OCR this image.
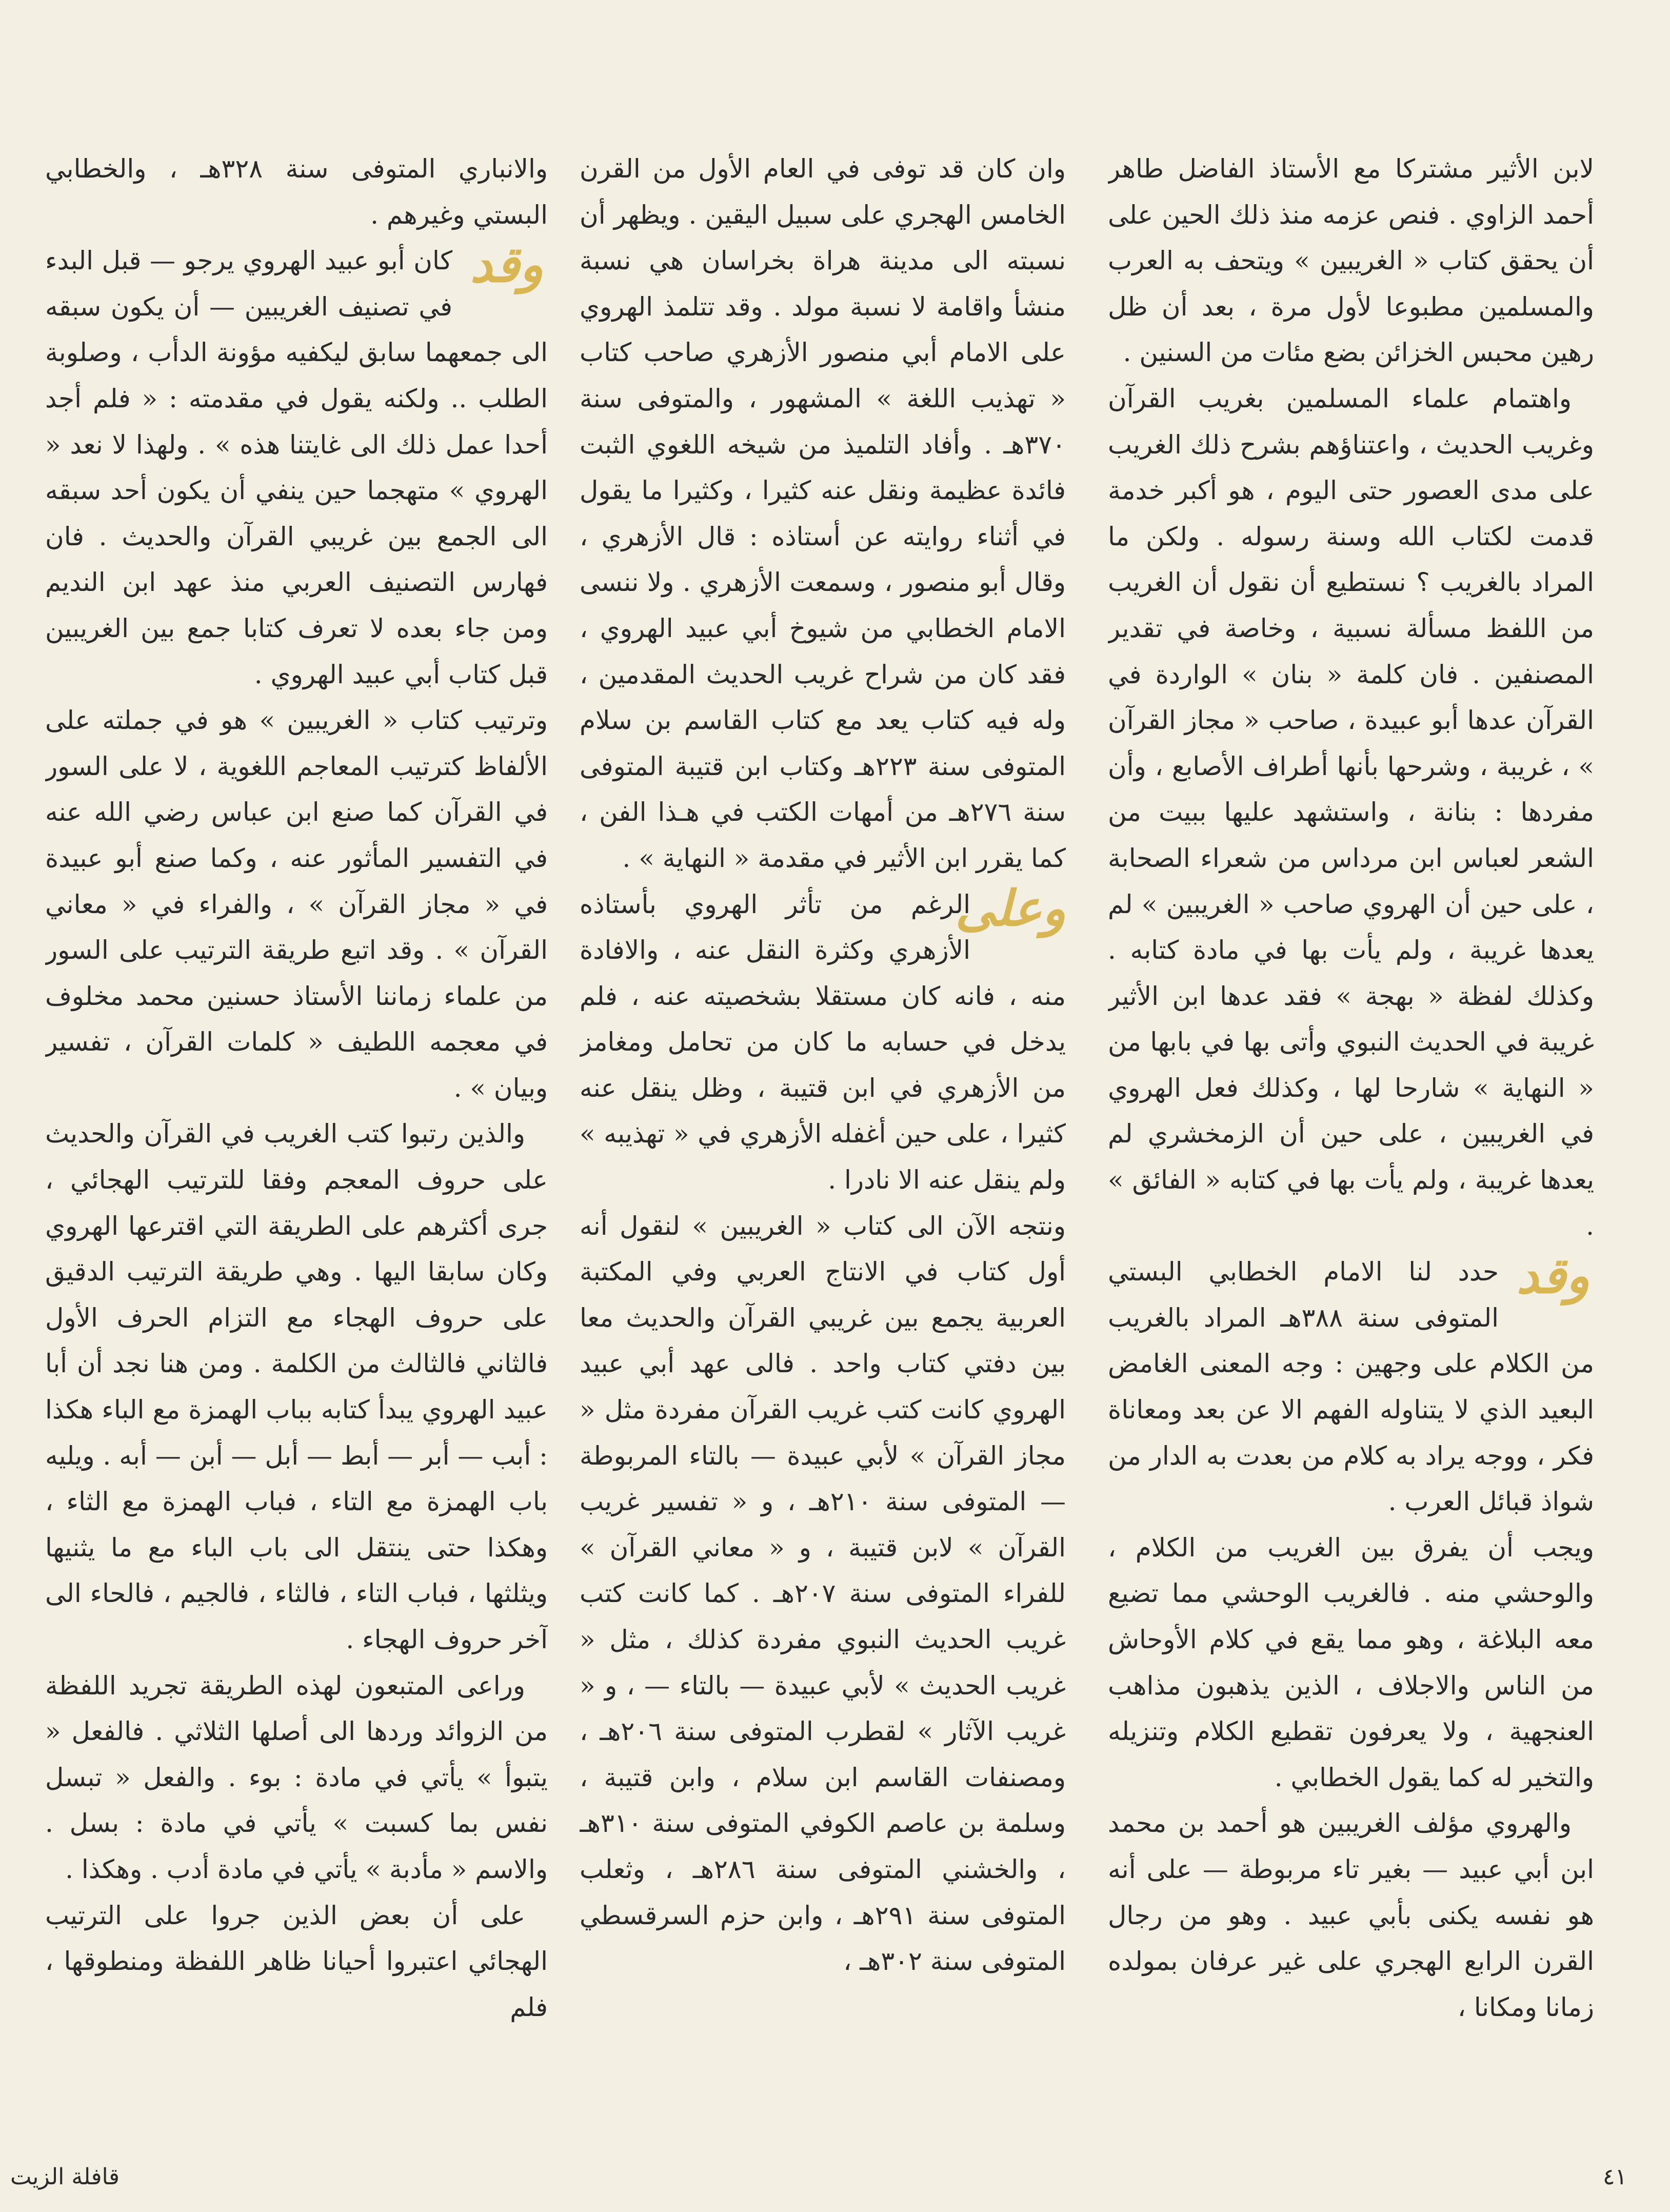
لابن الأثير مشتركا مع الأستاذ الفاضل طاهر أحمد الزاوي . فنص عزمه منذ ذلك الحين على أن يحقق كتاب « الغريبين » ويتحف به العرب والمسلمين مطبوعا لأول مرة ، بعد أن ظل رهين محبس الخزائن بضع مئات من السنين .

واهتمام علماء المسلمين بغريب القرآن وغريب الحديث ، واعتناؤهم بشرح ذلك الغريب على مدى العصور حتى اليوم ، هو أكبر خدمة قدمت لكتاب الله وسنة رسوله . ولكن ما المراد بالغريب ؟ نستطيع أن نقول أن الغريب من اللفظ مسألة نسبية ، وخاصة في تقدير المصنفين . فان كلمة « بنان » الواردة في القرآن عدها أبو عبيدة ، صاحب « مجاز القرآن » ، غريبة ، وشرحها بأنها أطراف الأصابع ، وأن مفردها : بنانة ، واستشهد عليها ببيت من الشعر لعباس ابن مرداس من شعراء الصحابة ، على حين أن الهروي صاحب « الغريبين » لم يعدها غريبة ، ولم يأت بها في مادة كتابه . وكذلك لفظة « بهجة » فقد عدها ابن الأثير غريبة في الحديث النبوي وأتى بها في بابها من « النهاية » شارحا لها ، وكذلك فعل الهروي في الغريبين ، على حين أن الزمخشري لم يعدها غريبة ، ولم يأت بها في كتابه « الفائق » .

وقد
حدد لنا الامام الخطابي البستي المتوفى سنة ٣٨٨هـ المراد بالغريب من الكلام على وجهين : وجه المعنى الغامض البعيد الذي لا يتناوله الفهم الا عن بعد ومعاناة فكر ، ووجه يراد به كلام من بعدت به الدار من شواذ قبائل العرب .

ويجب أن يفرق بين الغريب من الكلام ، والوحشي منه . فالغريب الوحشي مما تضيع معه البلاغة ، وهو مما يقع في كلام الأوحاش من الناس والاجلاف ، الذين يذهبون مذاهب العنجهية ، ولا يعرفون تقطيع الكلام وتنزيله والتخير له كما يقول الخطابي .

والهروي مؤلف الغريبين هو أحمد بن محمد ابن أبي عبيد — بغير تاء مربوطة — على أنه هو نفسه يكنى بأبي عبيد . وهو من رجال القرن الرابع الهجري على غير عرفان بمولده زمانا ومكانا ،

وان كان قد توفى في العام الأول من القرن الخامس الهجري على سبيل اليقين . ويظهر أن نسبته الى مدينة هراة بخراسان هي نسبة منشأ واقامة لا نسبة مولد . وقد تتلمذ الهروي على الامام أبي منصور الأزهري صاحب كتاب « تهذيب اللغة » المشهور ، والمتوفى سنة ٣٧٠هـ . وأفاد التلميذ من شيخه اللغوي الثبت فائدة عظيمة ونقل عنه كثيرا ، وكثيرا ما يقول في أثناء روايته عن أستاذه : قال الأزهري ، وقال أبو منصور ، وسمعت الأزهري . ولا ننسى الامام الخطابي من شيوخ أبي عبيد الهروي ، فقد كان من شراح غريب الحديث المقدمين ، وله فيه كتاب يعد مع كتاب القاسم بن سلام المتوفى سنة ٢٢٣هـ وكتاب ابن قتيبة المتوفى سنة ٢٧٦هـ من أمهات الكتب في هـذا الفن ، كما يقرر ابن الأثير في مقدمة « النهاية » .

وعلى
الرغم من تأثر الهروي بأستاذه الأزهري وكثرة النقل عنه ، والافادة منه ، فانه كان مستقلا بشخصيته عنه ، فلم يدخل في حسابه ما كان من تحامل ومغامز من الأزهري في ابن قتيبة ، وظل ينقل عنه كثيرا ، على حين أغفله الأزهري في « تهذيبه » ولم ينقل عنه الا نادرا .

ونتجه الآن الى كتاب « الغريبين » لنقول أنه أول كتاب في الانتاج العربي وفي المكتبة العربية يجمع بين غريبي القرآن والحديث معا بين دفتي كتاب واحد . فالى عهد أبي عبيد الهروي كانت كتب غريب القرآن مفردة مثل « مجاز القرآن » لأبي عبيدة — بالتاء المربوطة — المتوفى سنة ٢١٠هـ ، و « تفسير غريب القرآن » لابن قتيبة ، و « معاني القرآن » للفراء المتوفى سنة ٢٠٧هـ . كما كانت كتب غريب الحديث النبوي مفردة كذلك ، مثل « غريب الحديث » لأبي عبيدة — بالتاء — ، و « غريب الآثار » لقطرب المتوفى سنة ٢٠٦هـ ، ومصنفات القاسم ابن سلام ، وابن قتيبة ، وسلمة بن عاصم الكوفي المتوفى سنة ٣١٠هـ ، والخشني المتوفى سنة ٢٨٦هـ ، وثعلب المتوفى سنة ٢٩١هـ ، وابن حزم السرقسطي المتوفى سنة ٣٠٢هـ ،

والانباري المتوفى سنة ٣٢٨هـ ، والخطابي البستي وغيرهم .

وقد
كان أبو عبيد الهروي يرجو — قبل البدء في تصنيف الغريبين — أن يكون سبقه الى جمعهما سابق ليكفيه مؤونة الدأب ، وصلوبة الطلب .. ولكنه يقول في مقدمته : « فلم أجد أحدا عمل ذلك الى غايتنا هذه » . ولهذا لا نعد « الهروي » متهجما حين ينفي أن يكون أحد سبقه الى الجمع بين غريبي القرآن والحديث . فان فهارس التصنيف العربي منذ عهد ابن النديم ومن جاء بعده لا تعرف كتابا جمع بين الغريبين قبل كتاب أبي عبيد الهروي .

وترتيب كتاب « الغريبين » هو في جملته على الألفاظ كترتيب المعاجم اللغوية ، لا على السور في القرآن كما صنع ابن عباس رضي الله عنه في التفسير المأثور عنه ، وكما صنع أبو عبيدة في « مجاز القرآن » ، والفراء في « معاني القرآن » . وقد اتبع طريقة الترتيب على السور من علماء زماننا الأستاذ حسنين محمد مخلوف في معجمه اللطيف « كلمات القرآن ، تفسير وبيان » .

والذين رتبوا كتب الغريب في القرآن والحديث على حروف المعجم وفقا للترتيب الهجائي ، جرى أكثرهم على الطريقة التي اقترعها الهروي وكان سابقا اليها . وهي طريقة الترتيب الدقيق على حروف الهجاء مع التزام الحرف الأول فالثاني فالثالث من الكلمة . ومن هنا نجد أن أبا عبيد الهروي يبدأ كتابه بباب الهمزة مع الباء هكذا : أبب — أبر — أبط — أبل — أبن — أبه . ويليه باب الهمزة مع التاء ، فباب الهمزة مع الثاء ، وهكذا حتى ينتقل الى باب الباء مع ما يثنيها ويثلثها ، فباب التاء ، فالثاء ، فالجيم ، فالحاء الى آخر حروف الهجاء .

وراعى المتبعون لهذه الطريقة تجريد اللفظة من الزوائد وردها الى أصلها الثلاثي . فالفعل « يتبوأ » يأتي في مادة : بوء . والفعل « تبسل نفس بما كسبت » يأتي في مادة : بسل . والاسم « مأدبة » يأتي في مادة أدب . وهكذا .

على أن بعض الذين جروا على الترتيب الهجائي اعتبروا أحيانا ظاهر اللفظة ومنطوقها ، فلم

٤١
قافلة الزيت
